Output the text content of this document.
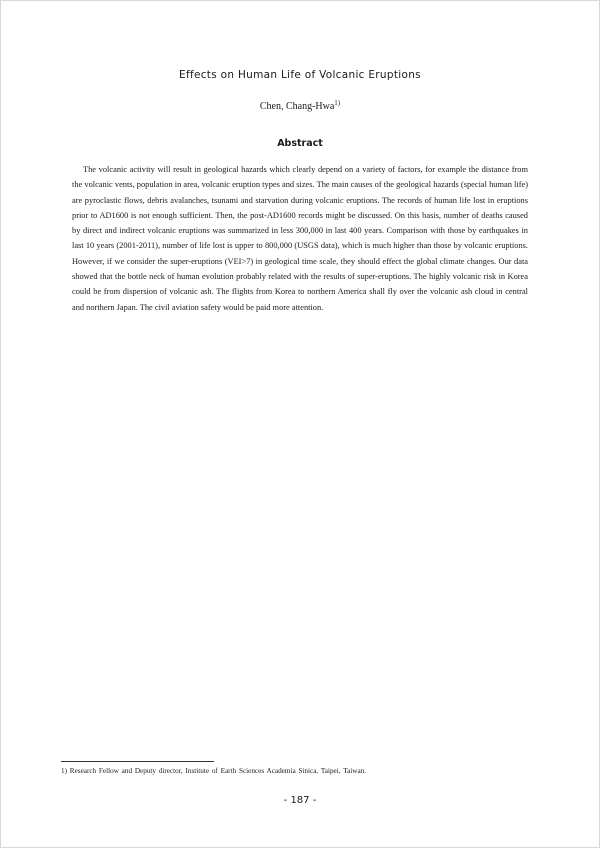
Effects on Human Life of Volcanic Eruptions
Chen, Chang-Hwa$^{1)}$
Abstract

The volcanic activity will result in geological hazards which clearly depend on a variety of factors, for example the distance from the volcanic vents, population in area, volcanic eruption types and sizes. The main causes of the geological hazards (special human life) are pyroclastic flows, debris avalanches, tsunami and starvation during volcanic eruptions. The records of human life lost in eruptions prior to AD1600 is not enough sufficient. Then, the post-AD1600 records might be discussed. On this basis, number of deaths caused by direct and indirect volcanic eruptions was summarized in less 300,000 in last 400 years. Comparison with those by earthquakes in last 10 years (2001-2011), number of life lost is upper to 800,000 (USGS data), which is much higher than those by volcanic eruptions. However, if we consider the super-eruptions (VEI>7) in geological time scale, they should effect the global climate changes. Our data showed that the bottle neck of human evolution probably related with the results of super-eruptions. The highly volcanic risk in Korea could be from dispersion of volcanic ash. The flights from Korea to northern America shall fly over the volcanic ash cloud in central and northern Japan. The civil aviation safety would be paid more attention.

1) Research Fellow and Deputy director, Institute of Earth Sciences Academia Sinica, Taipei, Taiwan.
- 187 -
